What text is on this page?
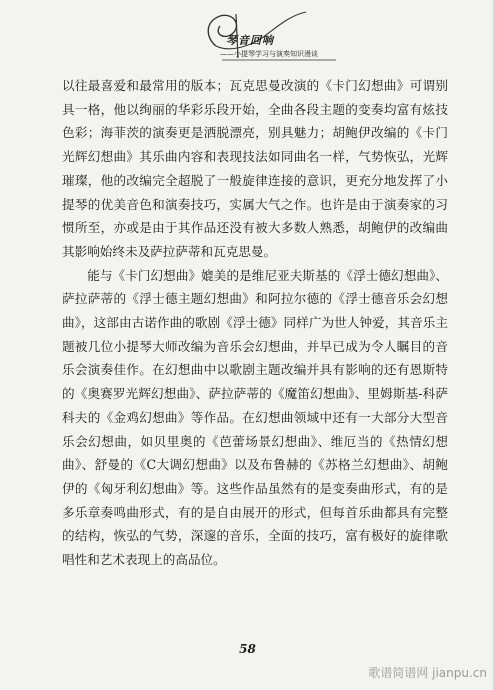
琴音回响
——小提琴学习与演奏知识漫谈

以往最喜爱和最常用的版本；瓦克思曼改演的《卡门幻想曲》可谓别具一格，他以绚丽的华彩乐段开始，全曲各段主题的变奏均富有炫技色彩；海菲茨的演奏更是洒脱漂亮，别具魅力；胡鲍伊改编的《卡门光辉幻想曲》其乐曲内容和表现技法如同曲名一样，气势恢弘，光辉璀璨，他的改编完全超脱了一般旋律连接的意识，更充分地发挥了小提琴的优美音色和演奏技巧，实属大气之作。也许是由于演奏家的习惯所至，亦或是由于其作品还没有被大多数人熟悉，胡鲍伊的改编曲其影响始终未及萨拉萨蒂和瓦克思曼。

能与《卡门幻想曲》媲美的是维尼亚夫斯基的《浮士德幻想曲》、萨拉萨蒂的《浮士德主题幻想曲》和阿拉尔德的《浮士德音乐会幻想曲》，这部由古诺作曲的歌剧《浮士德》同样广为世人钟爱，其音乐主题被几位小提琴大师改编为音乐会幻想曲，并早已成为令人瞩目的音乐会演奏佳作。在幻想曲中以歌剧主题改编并具有影响的还有恩斯特的《奥赛罗光辉幻想曲》、萨拉萨蒂的《魔笛幻想曲》、里姆斯基-科萨科夫的《金鸡幻想曲》等作品。在幻想曲领域中还有一大部分大型音乐会幻想曲，如贝里奥的《芭蕾场景幻想曲》、维厄当的《热情幻想曲》、舒曼的《C大调幻想曲》以及布鲁赫的《苏格兰幻想曲》、胡鲍伊的《匈牙利幻想曲》等。这些作品虽然有的是变奏曲形式，有的是多乐章奏鸣曲形式，有的是自由展开的形式，但每首乐曲都具有完整的结构，恢弘的气势，深邃的音乐，全面的技巧，富有极好的旋律歌唱性和艺术表现上的高品位。

58
歌谱简谱网 jianpu.cn
